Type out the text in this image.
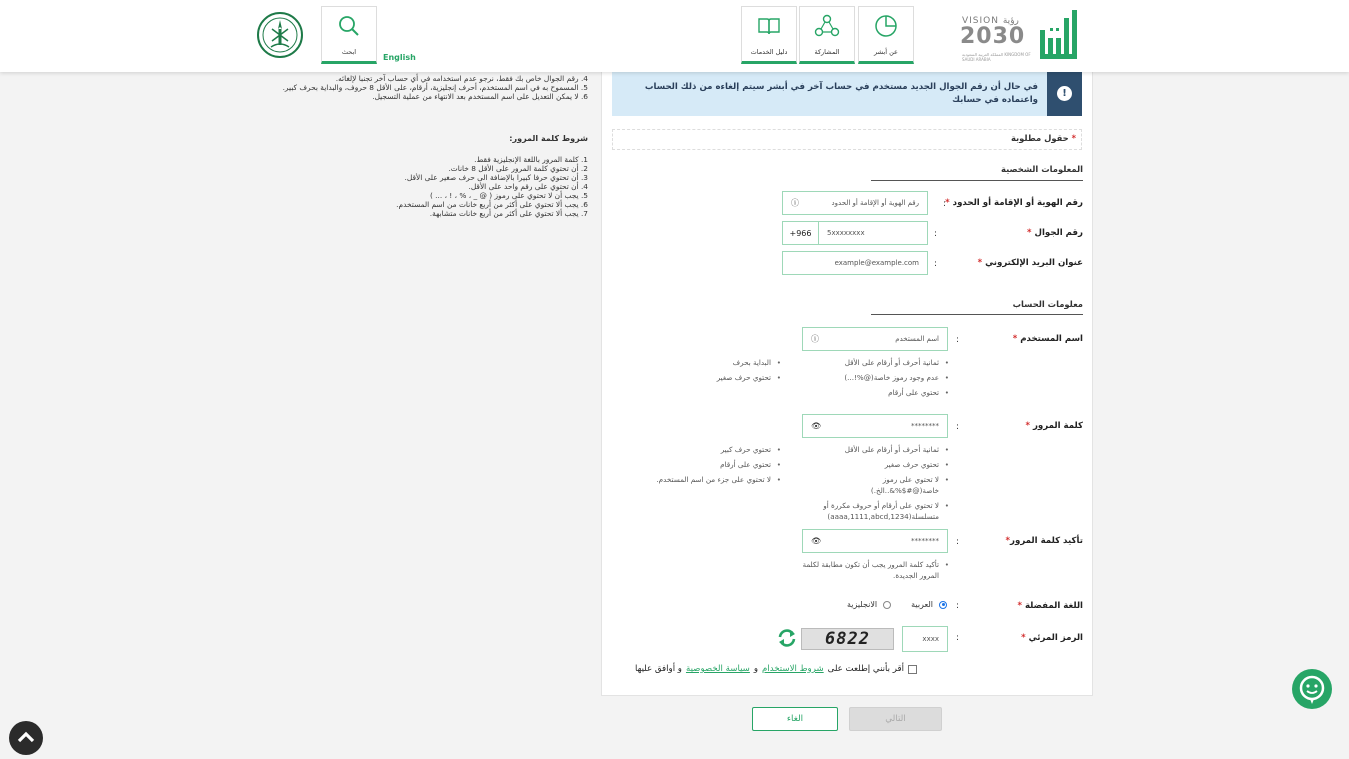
VISION رؤية
2030
المملكة العربية السعودية KINGDOM OF SAUDI ARABIA
عن أبشر
المشاركة
دليل الخدمات
English
ابحث

4. رقم الجوال خاص بك فقط، نرجو عدم استخدامه في أي حساب آخر تجنبا لإلغائه.

5. المسموح به في اسم المستخدم، أحرف إنجليزية، أرقام، على الأقل 8 حروف، والبداية بحرف كبير.

6. لا يمكن التعديل على اسم المستخدم بعد الانتهاء من عملية التسجيل.

شروط كلمة المرور:

1. كلمة المرور باللغة الإنجليزية فقط.

2. أن تحتوي كلمة المرور على الأقل 8 خانات.

3. أن تحتوي حرفا كبيرا بالإضافة الى حرف صغير على الأقل.

4. أن تحتوي على رقم واحد على الأقل.

5. يجب أن لا تحتوي على رموز ( @ _ ، % ، ! ، ... )

6. يجب ألا تحتوي على أكثر من أربع خانات من اسم المستخدم.

7. يجب ألا تحتوي على أكثر من أربع خانات متشابهة.

!
في حال أن رقم الجوال الجديد مستخدم في حساب آخر في أبشر سيتم إلغاءه من ذلك الحساب واعتماده في حسابك
* حقول مطلوبة
المعلومات الشخصية
رقم الهوية أو الإقامة أو الحدود *
:
رقم الهوية أو الإقامة أو الحدود
ⓘ
رقم الجوال *
:
5xxxxxxxx
966+
عنوان البريد الإلكتروني *
:
example@example.com
معلومات الحساب
اسم المستخدم *
:
اسم المستخدم
ⓘ
• ثمانية أحرف أو أرقام على الأقل
• عدم وجود رموز خاصة(@%!...)
• تحتوي على أرقام
• البداية بحرف
• تحتوي حرف صغير
كلمة المرور *
:
********
👁
• ثمانية أحرف أو أرقام على الأقل
• تحتوي حرف صغير
• لا تحتوي على رموز خاصة(@#$%&..الخ.)
• لا تحتوي على أرقام أو حروف مكررة أو متسلسلة(aaaa,1111,abcd,1234)
• تحتوي حرف كبير
• تحتوي على أرقام
• لا تحتوي على جزء من اسم المستخدم.
تأكيد كلمة المرور*
:
********
👁
• تأكيد كلمة المرور يجب أن تكون مطابقة لكلمة المرور الجديدة.
اللغة المفضلة *
:
العربية
الانجليزية
الرمز المرئي *
:
xxxx
6822
أقر بأنني إطلعت على
شروط الاستخدام
و
سياسة الخصوصية
و أوافق عليها
التالي
الغاء
